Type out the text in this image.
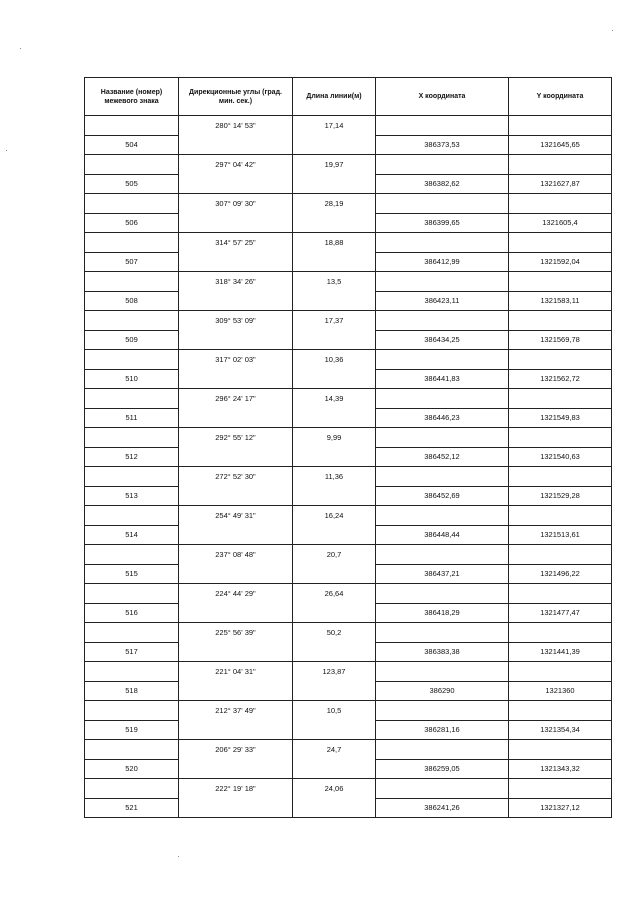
Название (номер) межевого знака	Дирекционные углы (град. мин. сек.)	Длина линии(м)	X координата	Y координата
	280° 14' 53"	17,14		
504			386373,53	1321645,65
	297° 04' 42"	19,97		
505			386382,62	1321627,87
	307° 09' 30"	28,19		
506			386399,65	1321605,4
	314° 57' 25"	18,88		
507			386412,99	1321592,04
	318° 34' 26"	13,5		
508			386423,11	1321583,11
	309° 53' 09"	17,37		
509			386434,25	1321569,78
	317° 02' 03"	10,36		
510			386441,83	1321562,72
	296° 24' 17"	14,39		
511			386446,23	1321549,83
	292° 55' 12"	9,99		
512			386452,12	1321540,63
	272° 52' 30"	11,36		
513			386452,69	1321529,28
	254° 49' 31"	16,24		
514			386448,44	1321513,61
	237° 08' 48"	20,7		
515			386437,21	1321496,22
	224° 44' 29"	26,64		
516			386418,29	1321477,47
	225° 56' 39"	50,2		
517			386383,38	1321441,39
	221° 04' 31"	123,87		
518			386290	1321360
	212° 37' 49"	10,5		
519			386281,16	1321354,34
	206° 29' 33"	24,7		
520			386259,05	1321343,32
	222° 19' 18"	24,06		
521			386241,26	1321327,12
